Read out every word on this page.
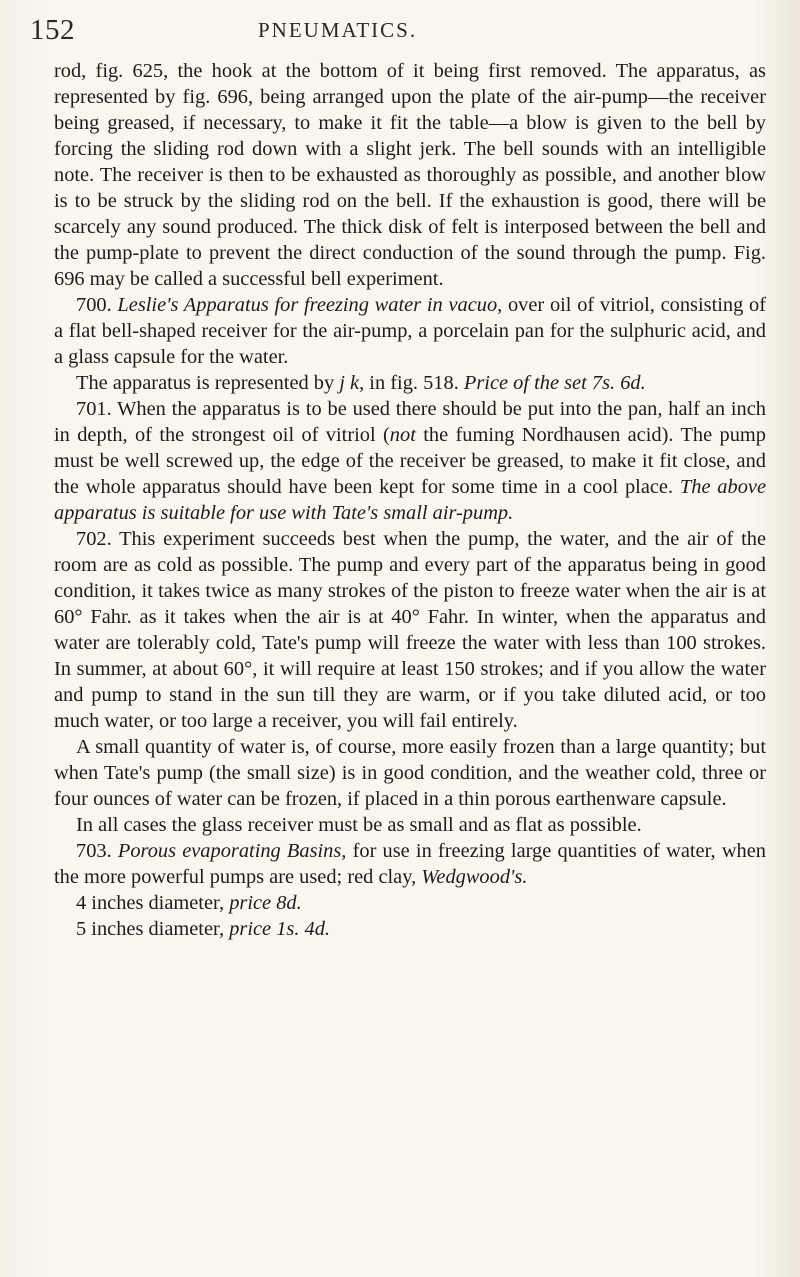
152	PNEUMATICS.

rod, fig. 625, the hook at the bottom of it being first removed. The apparatus, as represented by fig. 696, being arranged upon the plate of the air-pump—the receiver being greased, if necessary, to make it fit the table—a blow is given to the bell by forcing the sliding rod down with a slight jerk. The bell sounds with an intelligible note. The receiver is then to be exhausted as thoroughly as possible, and another blow is to be struck by the sliding rod on the bell. If the exhaustion is good, there will be scarcely any sound produced. The thick disk of felt is interposed between the bell and the pump-plate to prevent the direct conduction of the sound through the pump. Fig. 696 may be called a successful bell experiment.

700. Leslie's Apparatus for freezing water in vacuo, over oil of vitriol, consisting of a flat bell-shaped receiver for the air-pump, a porcelain pan for the sulphuric acid, and a glass capsule for the water.

The apparatus is represented by j k, in fig. 518. Price of the set 7s. 6d.

701. When the apparatus is to be used there should be put into the pan, half an inch in depth, of the strongest oil of vitriol (not the fuming Nordhausen acid). The pump must be well screwed up, the edge of the receiver be greased, to make it fit close, and the whole apparatus should have been kept for some time in a cool place. The above apparatus is suitable for use with Tate's small air-pump.

702. This experiment succeeds best when the pump, the water, and the air of the room are as cold as possible. The pump and every part of the apparatus being in good condition, it takes twice as many strokes of the piston to freeze water when the air is at 60° Fahr. as it takes when the air is at 40° Fahr. In winter, when the apparatus and water are tolerably cold, Tate's pump will freeze the water with less than 100 strokes. In summer, at about 60°, it will require at least 150 strokes; and if you allow the water and pump to stand in the sun till they are warm, or if you take diluted acid, or too much water, or too large a receiver, you will fail entirely.

A small quantity of water is, of course, more easily frozen than a large quantity; but when Tate's pump (the small size) is in good condition, and the weather cold, three or four ounces of water can be frozen, if placed in a thin porous earthenware capsule.

In all cases the glass receiver must be as small and as flat as possible.

703. Porous evaporating Basins, for use in freezing large quantities of water, when the more powerful pumps are used; red clay, Wedgwood's.

4 inches diameter, price 8d.

5 inches diameter, price 1s. 4d.
